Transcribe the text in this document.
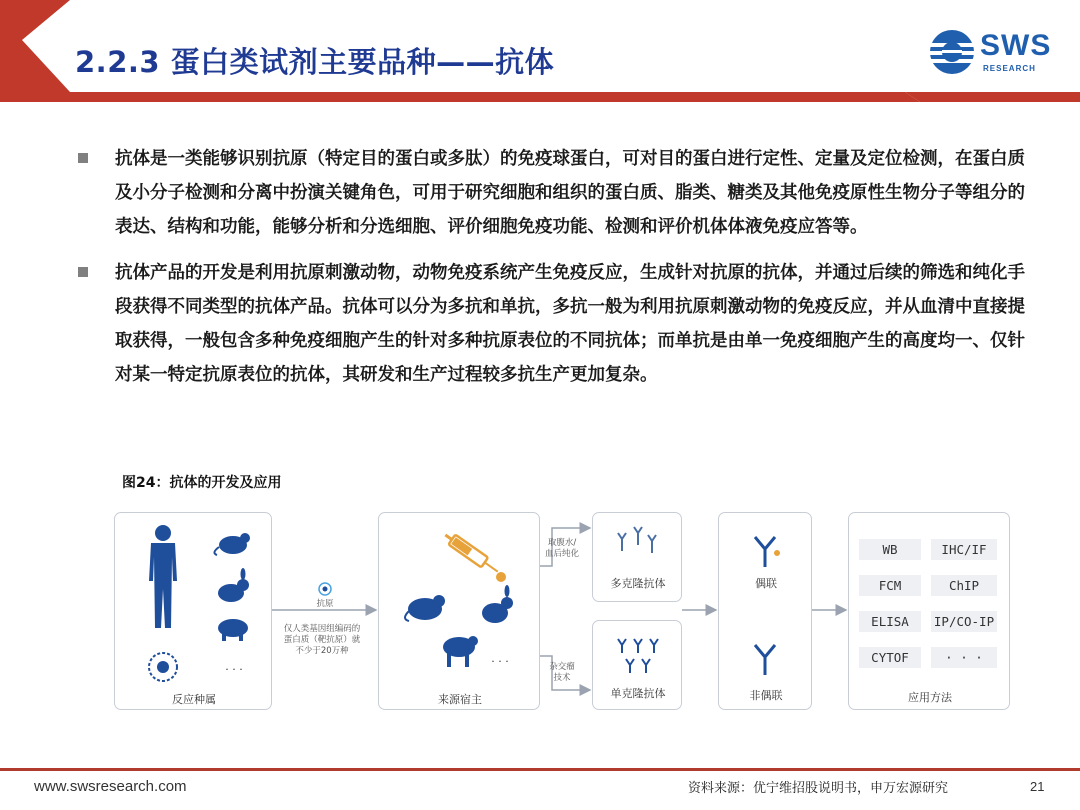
2.2.3 蛋白类试剂主要品种——抗体	SWS
RESEARCH

抗体是一类能够识别抗原（特定目的蛋白或多肽）的免疫球蛋白，可对目的蛋白进行定性、定量及定位检测，在蛋白质及小分子检测和分离中扮演关键角色，可用于研究细胞和组织的蛋白质、脂类、糖类及其他免疫原性生物分子等组分的表达、结构和功能，能够分析和分选细胞、评价细胞免疫功能、检测和评价机体体液免疫应答等。

抗体产品的开发是利用抗原刺激动物，动物免疫系统产生免疫反应，生成针对抗原的抗体，并通过后续的筛选和纯化手段获得不同类型的抗体产品。抗体可以分为多抗和单抗，多抗一般为利用抗原刺激动物的免疫反应，并从血清中直接提取获得，一般包含多种免疫细胞产生的针对多种抗原表位的不同抗体；而单抗是由单一免疫细胞产生的高度均一、仅针对某一特定抗原表位的抗体，其研发和生产过程较多抗生产更加复杂。

图24：抗体的开发及应用
· · ·
反应种属
抗原
仅人类基因组编码的蛋白质（靶抗原）就不少于20万种
· · ·
来源宿主
取腹水/血后纯化
杂交瘤技术
多克隆抗体
单克隆抗体
偶联
非偶联
WB	IHC/IF
FCM	ChIP
ELISA	IP/CO-IP
CYTOF	· · ·
应用方法
www.swsresearch.com	资料来源：优宁维招股说明书，申万宏源研究	21
